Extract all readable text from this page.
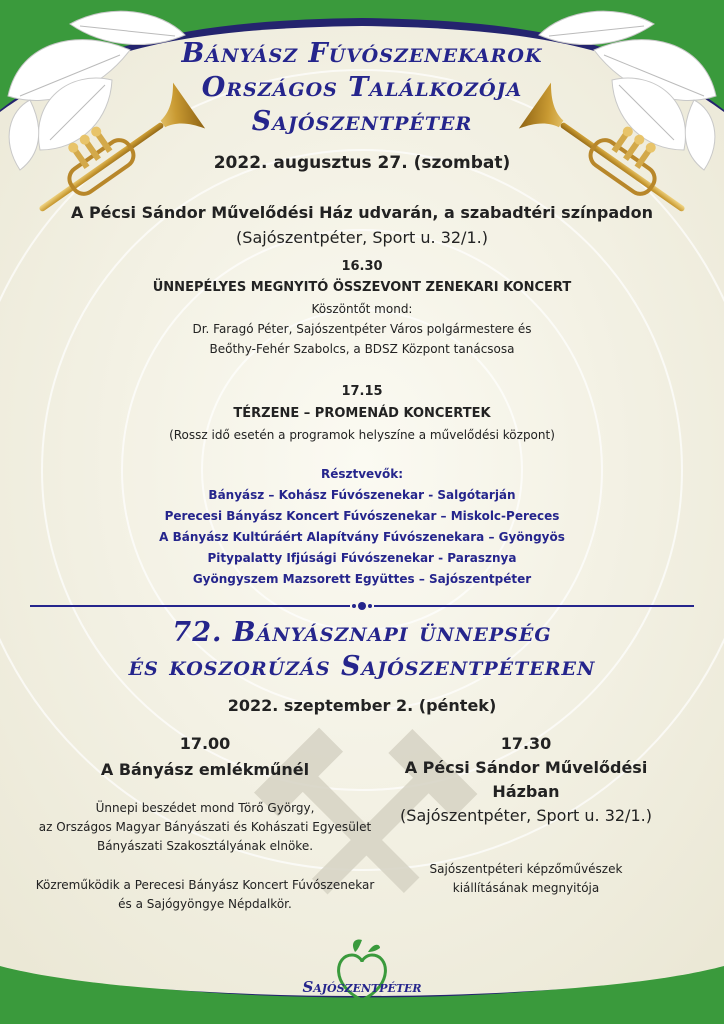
Bányász Fúvószenekarok
Országos Találkozója
Sajószentpéter
2022. augusztus 27. (szombat)
A Pécsi Sándor Művelődési Ház udvarán, a szabadtéri színpadon
(Sajószentpéter, Sport u. 32/1.)
16.30
ÜNNEPÉLYES MEGNYITÓ ÖSSZEVONT ZENEKARI KONCERT
Köszöntőt mond:
Dr. Faragó Péter, Sajószentpéter Város polgármestere és
Beőthy-Fehér Szabolcs, a BDSZ Központ tanácsosa
17.15
TÉRZENE – PROMENÁD KONCERTEK
(Rossz idő esetén a programok helyszíne a művelődési központ)
Résztvevők:
Bányász – Kohász Fúvószenekar - Salgótarján
Perecesi Bányász Koncert Fúvószenekar – Miskolc-Pereces
A Bányász Kultúráért Alapítvány Fúvószenekara – Gyöngyös
Pitypalatty Ifjúsági Fúvószenekar - Parasznya
Gyöngyszem Mazsorett Együttes – Sajószentpéter
72. Bányásznapi ünnepség
és koszorúzás Sajószentpéteren
2022. szeptember 2. (péntek)
17.00
A Bányász emlékműnél
Ünnepi beszédet mond Törő György,
az Országos Magyar Bányászati és Kohászati Egyesület
Bányászati Szakosztályának elnöke.
Közreműködik a Perecesi Bányász Koncert Fúvószenekar
és a Sajógyöngye Népdalkör.
17.30
A Pécsi Sándor Művelődési
Házban
(Sajószentpéter, Sport u. 32/1.)
Sajószentpéteri képzőművészek
kiállításának megnyitója
Sajószentpéter
